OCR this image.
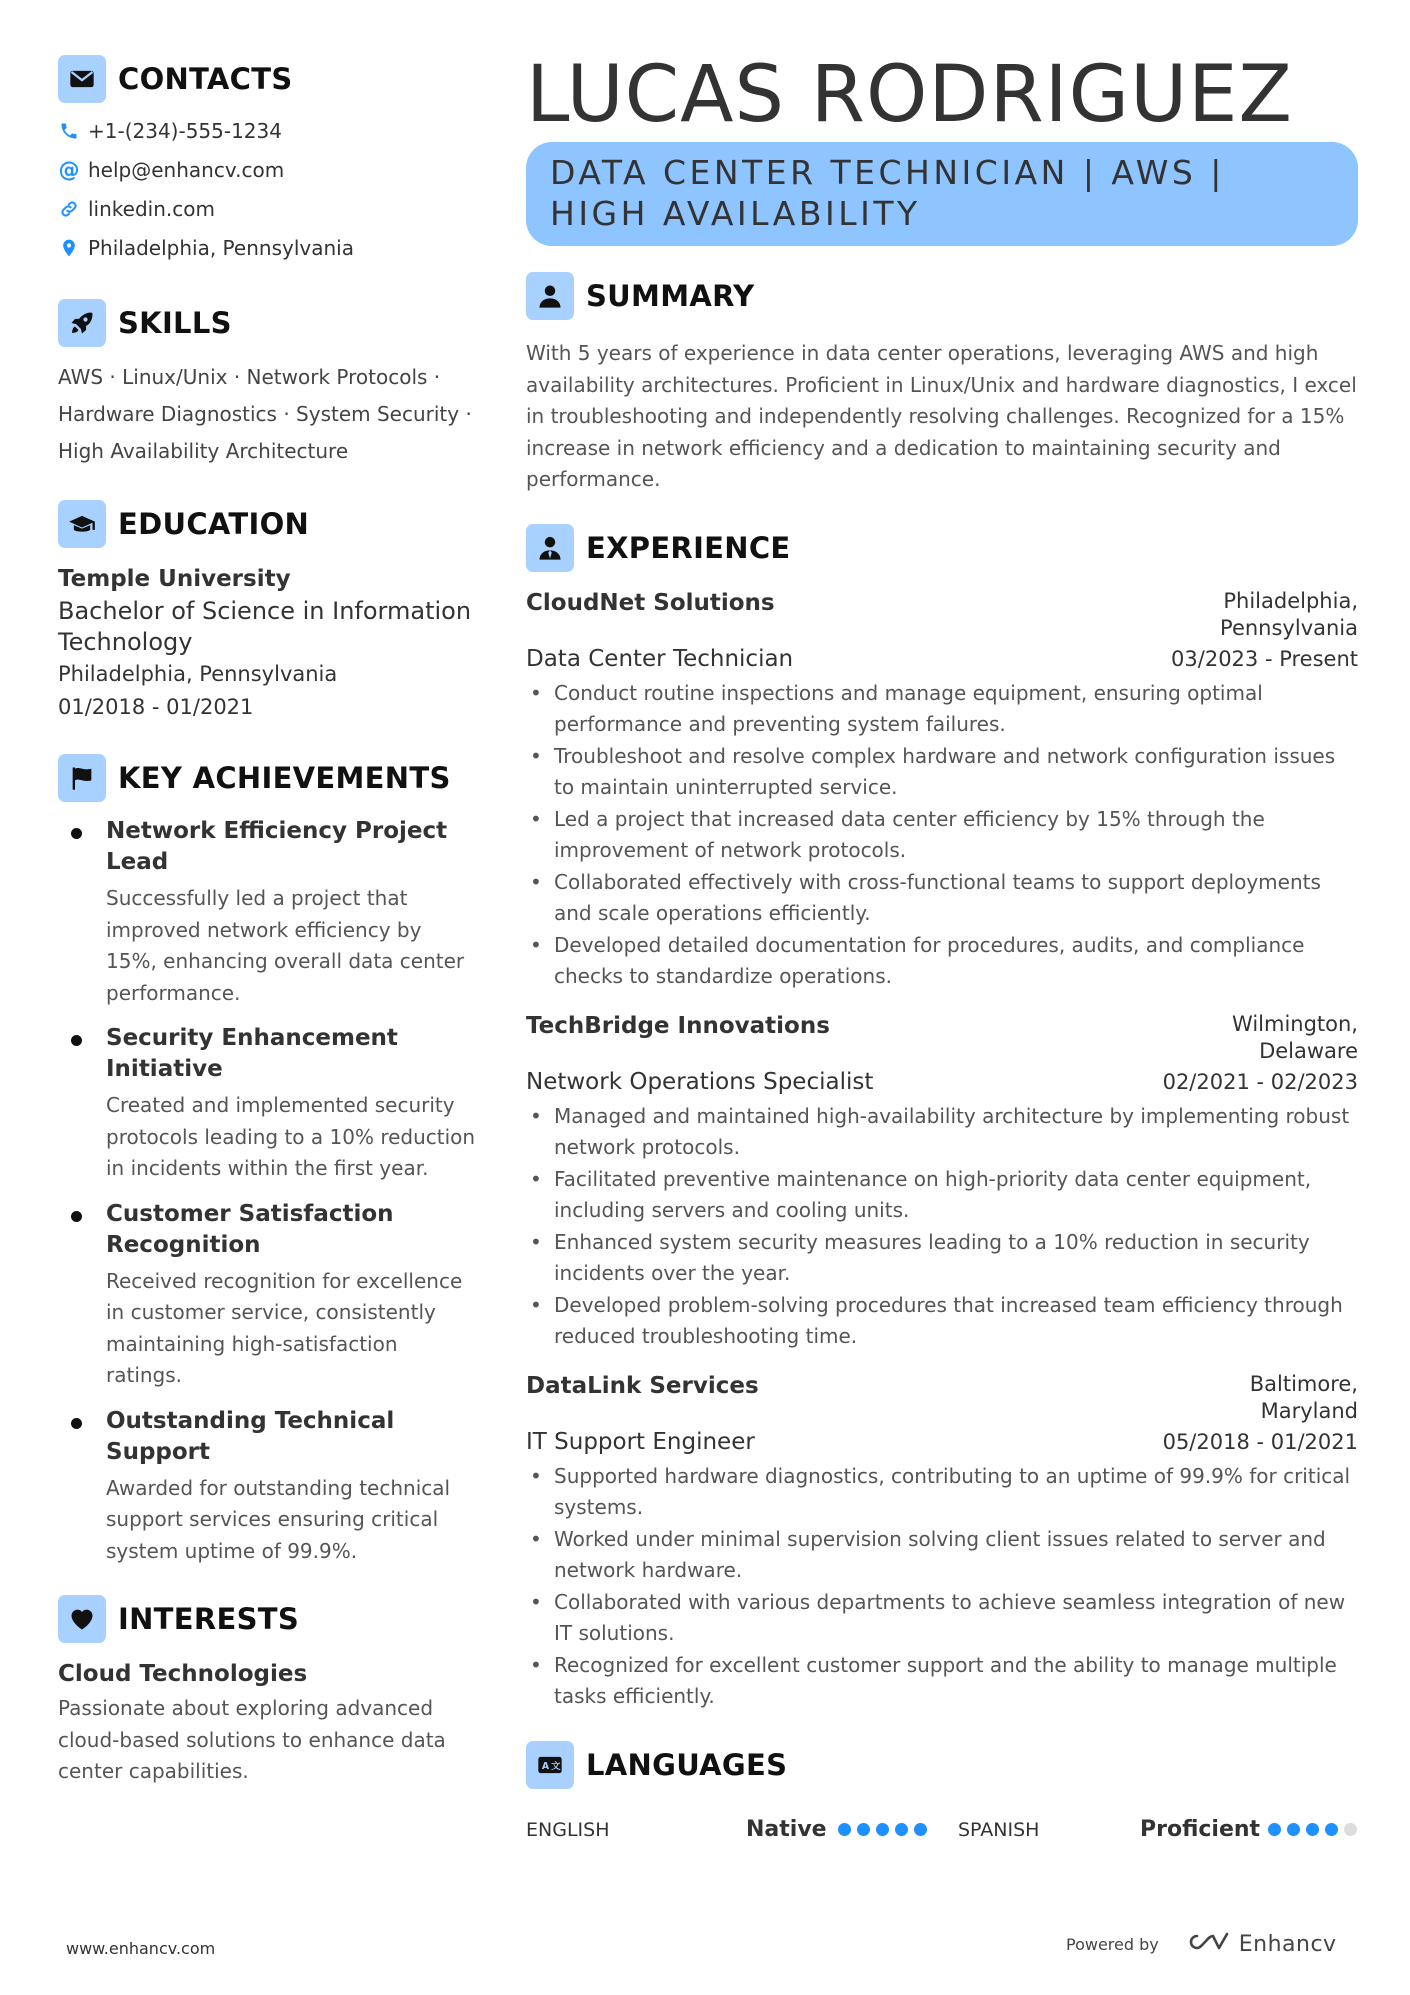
CONTACTS
+1-(234)-555-1234
@ help@enhancv.com
linkedin.com
Philadelphia, Pennsylvania
SKILLS
AWS · Linux/Unix · Network Protocols · Hardware Diagnostics · System Security · High Availability Architecture
EDUCATION
Temple University
Bachelor of Science in Information Technology
Philadelphia, Pennsylvania
01/2018 - 01/2021
KEY ACHIEVEMENTS
Network Efficiency Project Lead
Successfully led a project that improved network efficiency by 15%, enhancing overall data center performance.
Security Enhancement Initiative
Created and implemented security protocols leading to a 10% reduction in incidents within the first year.
Customer Satisfaction Recognition
Received recognition for excellence in customer service, consistently maintaining high-satisfaction ratings.
Outstanding Technical Support
Awarded for outstanding technical support services ensuring critical system uptime of 99.9%.
INTERESTS
Cloud Technologies
Passionate about exploring advanced cloud-based solutions to enhance data center capabilities.
LUCAS RODRIGUEZ
DATA CENTER TECHNICIAN | AWS | HIGH AVAILABILITY
SUMMARY
With 5 years of experience in data center operations, leveraging AWS and high availability architectures. Proficient in Linux/Unix and hardware diagnostics, I excel in troubleshooting and independently resolving challenges. Recognized for a 15% increase in network efficiency and a dedication to maintaining security and performance.
EXPERIENCE
CloudNet Solutions	Philadelphia,
Pennsylvania
Data Center Technician	03/2023 - Present
• Conduct routine inspections and manage equipment, ensuring optimal performance and preventing system failures.
• Troubleshoot and resolve complex hardware and network configuration issues to maintain uninterrupted service.
• Led a project that increased data center efficiency by 15% through the improvement of network protocols.
• Collaborated effectively with cross-functional teams to support deployments and scale operations efficiently.
• Developed detailed documentation for procedures, audits, and compliance checks to standardize operations.
TechBridge Innovations	Wilmington,
Delaware
Network Operations Specialist	02/2021 - 02/2023
• Managed and maintained high-availability architecture by implementing robust network protocols.
• Facilitated preventive maintenance on high-priority data center equipment, including servers and cooling units.
• Enhanced system security measures leading to a 10% reduction in security incidents over the year.
• Developed problem-solving procedures that increased team efficiency through reduced troubleshooting time.
DataLink Services	Baltimore,
Maryland
IT Support Engineer	05/2018 - 01/2021
• Supported hardware diagnostics, contributing to an uptime of 99.9% for critical systems.
• Worked under minimal supervision solving client issues related to server and network hardware.
• Collaborated with various departments to achieve seamless integration of new IT solutions.
• Recognized for excellent customer support and the ability to manage multiple tasks efficiently.
A 文 LANGUAGES
ENGLISH	Native	SPANISH	Proficient
www.enhancv.com	Powered by	Enhancv
